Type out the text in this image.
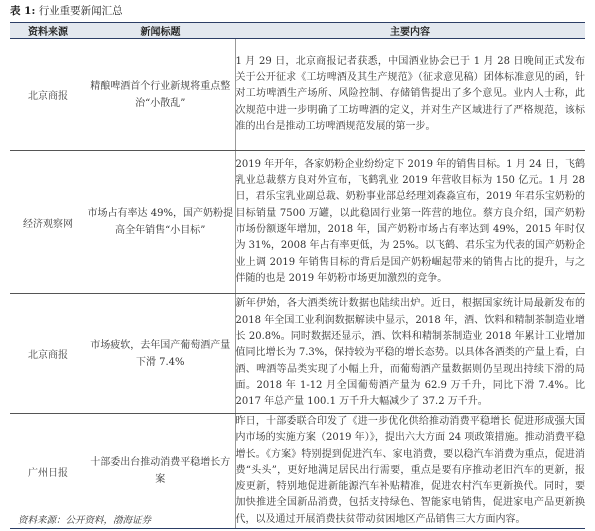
表 1: 行业重要新闻汇总
资料来源	新闻标题	主要内容
北京商报	精酿啤酒首个行业新规将重点整治“小散乱”	1 月 29 日，北京商报记者获悉，中国酒业协会已于 1 月 28 日晚间正式发布关于公开征求《工坊啤酒及其生产规范》（征求意见稿）团体标准意见的函，针对工坊啤酒生产场所、风险控制、存储销售提出了多个意见。业内人士称，此次规范中进一步明确了工坊啤酒的定义，并对生产区域进行了严格规范，该标准的出台是推动工坊啤酒规范发展的第一步。

经济观察网	市场占有率达 49%，国产奶粉提高全年销售“小目标”	2019 年开年，各家奶粉企业纷纷定下 2019 年的销售目标。1 月 24 日，飞鹤乳业总裁蔡方良对外宣布，飞鹤乳业 2019 年营收目标为 150 亿元。1 月 28 日，君乐宝乳业副总裁、奶粉事业部总经理刘森淼宣布，2019 年君乐宝奶粉的目标销量 7500 万罐，以此稳固行业第一阵营的地位。蔡方良介绍，国产奶粉市场份额逐年增加，2018 年，国产奶粉市场占有率达到 49%，2015 年时仅为 31%，2008 年占有率更低，为 25%。以飞鹤、君乐宝为代表的国产奶粉企业上调 2019 年销售目标的背后是国产奶粉崛起带来的销售占比的提升，与之伴随的也是 2019 年奶粉市场更加激烈的竞争。

北京商报	市场疲软，去年国产葡萄酒产量下滑 7.4%	新年伊始，各大酒类统计数据也陆续出炉。近日，根据国家统计局最新发布的 2018 年全国工业利润数据解读中显示，2018 年，酒、饮料和精制茶制造业增长 20.8%。同时数据还显示，酒、饮料和精制茶制造业 2018 年累计工业增加值同比增长为 7.3%，保持较为平稳的增长态势。以具体各酒类的产量上看，白酒、啤酒等品类实现了小幅上升，而葡萄酒产量数据则仍呈现出持续下滑的局面。2018 年 1-12 月全国葡萄酒产量为 62.9 万千升，同比下滑 7.4%。比 2017 年总产量 100.1 万千升大幅减少了 37.2 万千升。

广州日报	十部委出台推动消费平稳增长方案	昨日，十部委联合印发了《进一步优化供给推动消费平稳增长 促进形成强大国内市场的实施方案（2019 年）》，提出六大方面 24 项政策措施。推动消费平稳增长。《方案》特别提到促进汽车、家电消费，要以稳汽车消费为重点，促进消费“头头”，更好地满足居民出行需要，重点是要有序推动老旧汽车的更新，报废更新，特别地促进新能源汽车补贴精准，促进农村汽车更新换代。同时，要加快推进全国新品消费，包括支持绿色、智能家电销售，促进家电产品更新换代，以及通过开展消费扶贫带动贫困地区产品销售三大方面内容。

资料来源：公开资料，渤海证券
